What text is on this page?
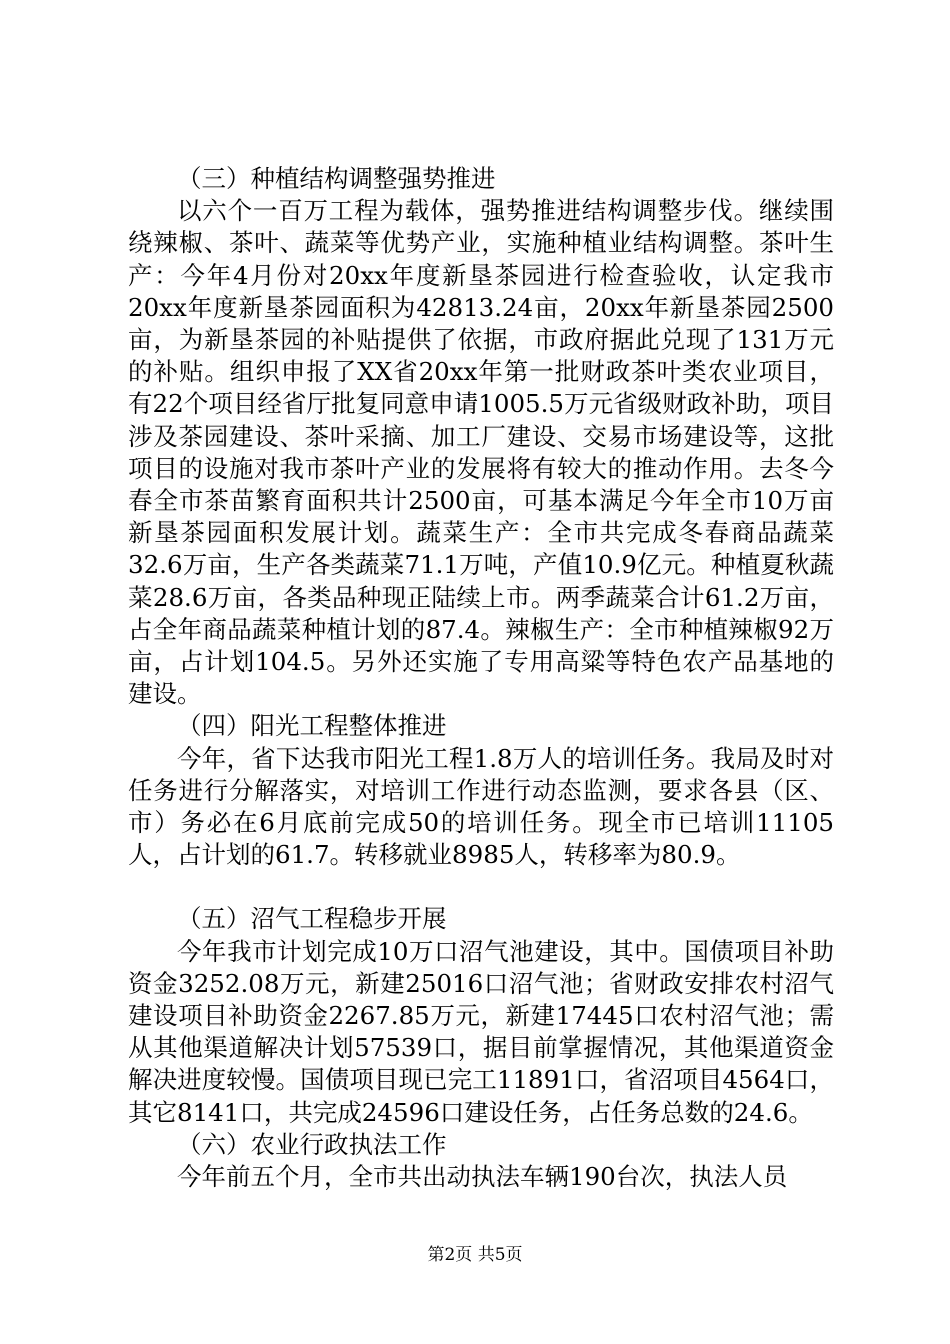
（三）种植结构调整强势推进

以六个一百万工程为载体，强势推进结构调整步伐。继续围绕辣椒、茶叶、蔬菜等优势产业，实施种植业结构调整。茶叶生产：今年4月份对20xx年度新垦茶园进行检查验收，认定我市20xx年度新垦茶园面积为42813.24亩，20xx年新垦茶园2500亩，为新垦茶园的补贴提供了依据，市政府据此兑现了131万元的补贴。组织申报了XX省20xx年第一批财政茶叶类农业项目，有22个项目经省厅批复同意申请1005.5万元省级财政补助，项目涉及茶园建设、茶叶采摘、加工厂建设、交易市场建设等，这批项目的设施对我市茶叶产业的发展将有较大的推动作用。去冬今春全市茶苗繁育面积共计2500亩，可基本满足今年全市10万亩新垦茶园面积发展计划。蔬菜生产：全市共完成冬春商品蔬菜32.6万亩，生产各类蔬菜71.1万吨，产值10.9亿元。种植夏秋蔬菜28.6万亩，各类品种现正陆续上市。两季蔬菜合计61.2万亩，占全年商品蔬菜种植计划的87.4。辣椒生产：全市种植辣椒92万亩，占计划104.5。另外还实施了专用高粱等特色农产品基地的建设。

（四）阳光工程整体推进

今年，省下达我市阳光工程1.8万人的培训任务。我局及时对任务进行分解落实，对培训工作进行动态监测，要求各县（区、市）务必在6月底前完成50的培训任务。现全市已培训11105人，占计划的61.7。转移就业8985人，转移率为80.9。

（五）沼气工程稳步开展

今年我市计划完成10万口沼气池建设，其中。国债项目补助资金3252.08万元，新建25016口沼气池；省财政安排农村沼气建设项目补助资金2267.85万元，新建17445口农村沼气池；需从其他渠道解决计划57539口，据目前掌握情况，其他渠道资金解决进度较慢。国债项目现已完工11891口，省沼项目4564口，其它8141口，共完成24596口建设任务，占任务总数的24.6。

（六）农业行政执法工作

今年前五个月，全市共出动执法车辆190台次，执法人员

第2页 共5页
